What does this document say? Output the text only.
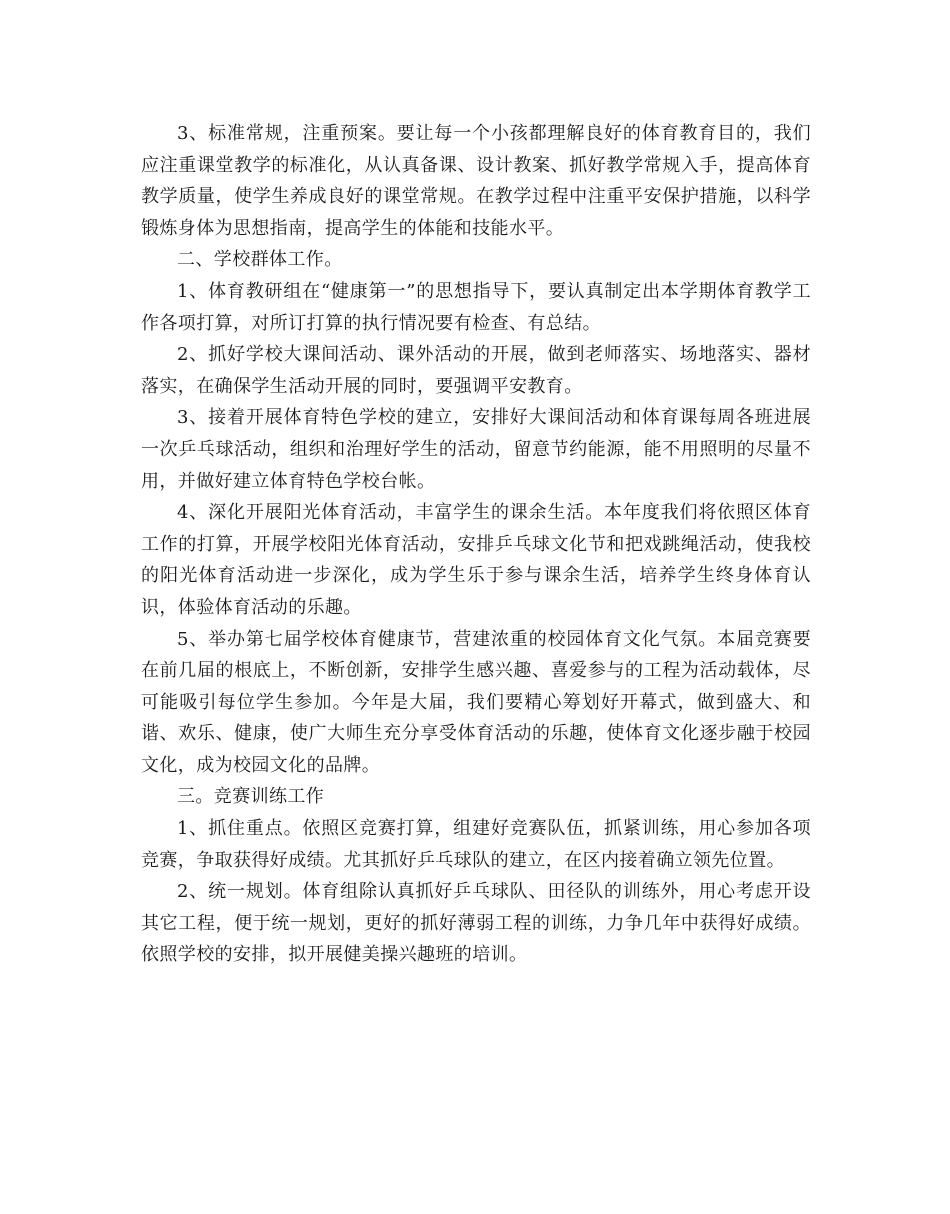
3、标准常规，注重预案。要让每一个小孩都理解良好的体育教育目的，我们应注重课堂教学的标准化，从认真备课、设计教案、抓好教学常规入手，提高体育教学质量，使学生养成良好的课堂常规。在教学过程中注重平安保护措施，以科学锻炼身体为思想指南，提高学生的体能和技能水平。

二、学校群体工作。

1、体育教研组在“健康第一”的思想指导下，要认真制定出本学期体育教学工作各项打算，对所订打算的执行情况要有检查、有总结。

2、抓好学校大课间活动、课外活动的开展，做到老师落实、场地落实、器材落实，在确保学生活动开展的同时，要强调平安教育。

3、接着开展体育特色学校的建立，安排好大课间活动和体育课每周各班进展一次乒乓球活动，组织和治理好学生的活动，留意节约能源，能不用照明的尽量不用，并做好建立体育特色学校台帐。

4、深化开展阳光体育活动，丰富学生的课余生活。本年度我们将依照区体育工作的打算，开展学校阳光体育活动，安排乒乓球文化节和把戏跳绳活动，使我校的阳光体育活动进一步深化，成为学生乐于参与课余生活，培养学生终身体育认识，体验体育活动的乐趣。

5、举办第七届学校体育健康节，营建浓重的校园体育文化气氛。本届竞赛要在前几届的根底上，不断创新，安排学生感兴趣、喜爱参与的工程为活动载体，尽可能吸引每位学生参加。今年是大届，我们要精心筹划好开幕式，做到盛大、和谐、欢乐、健康，使广大师生充分享受体育活动的乐趣，使体育文化逐步融于校园文化，成为校园文化的品牌。

三。竞赛训练工作

1、抓住重点。依照区竞赛打算，组建好竞赛队伍，抓紧训练，用心参加各项竞赛，争取获得好成绩。尤其抓好乒乓球队的建立，在区内接着确立领先位置。

2、统一规划。体育组除认真抓好乒乓球队、田径队的训练外，用心考虑开设其它工程，便于统一规划，更好的抓好薄弱工程的训练，力争几年中获得好成绩。依照学校的安排，拟开展健美操兴趣班的培训。
